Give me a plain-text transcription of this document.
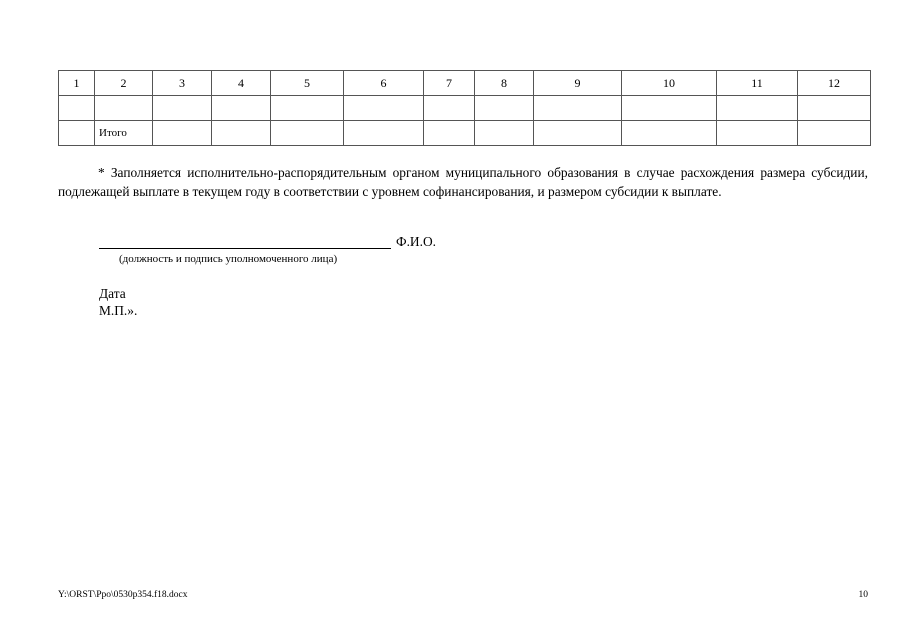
1	2	3	4	5	6	7	8	9	10	11	12

	Итого										

* Заполняется исполнительно-распорядительным органом муниципального образования в случае расхождения размера субсидии, подлежащей выплате в текущем году в соответствии с уровнем софинансирования, и размером субсидии к выплате.

Ф.И.О.
(должность и подпись уполномоченного лица)
Дата
М.П.».
Y:\ORST\Ppo\0530p354.f18.docx	10
